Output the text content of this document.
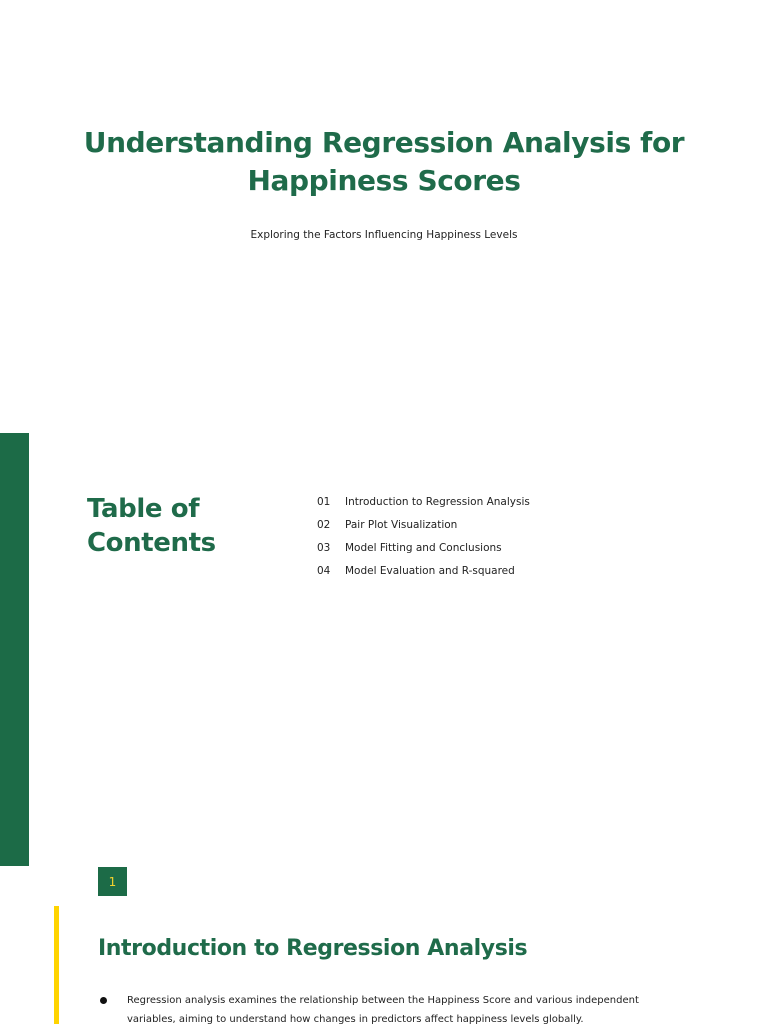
Understanding Regression Analysis for Happiness Scores
Exploring the Factors Influencing Happiness Levels
Table of
Contents
01	Introduction to Regression Analysis
02	Pair Plot Visualization
03	Model Fitting and Conclusions
04	Model Evaluation and R-squared
1
Introduction to Regression Analysis
Regression analysis examines the relationship between the Happiness Score and various independent variables, aiming to understand how changes in predictors affect happiness levels globally.
